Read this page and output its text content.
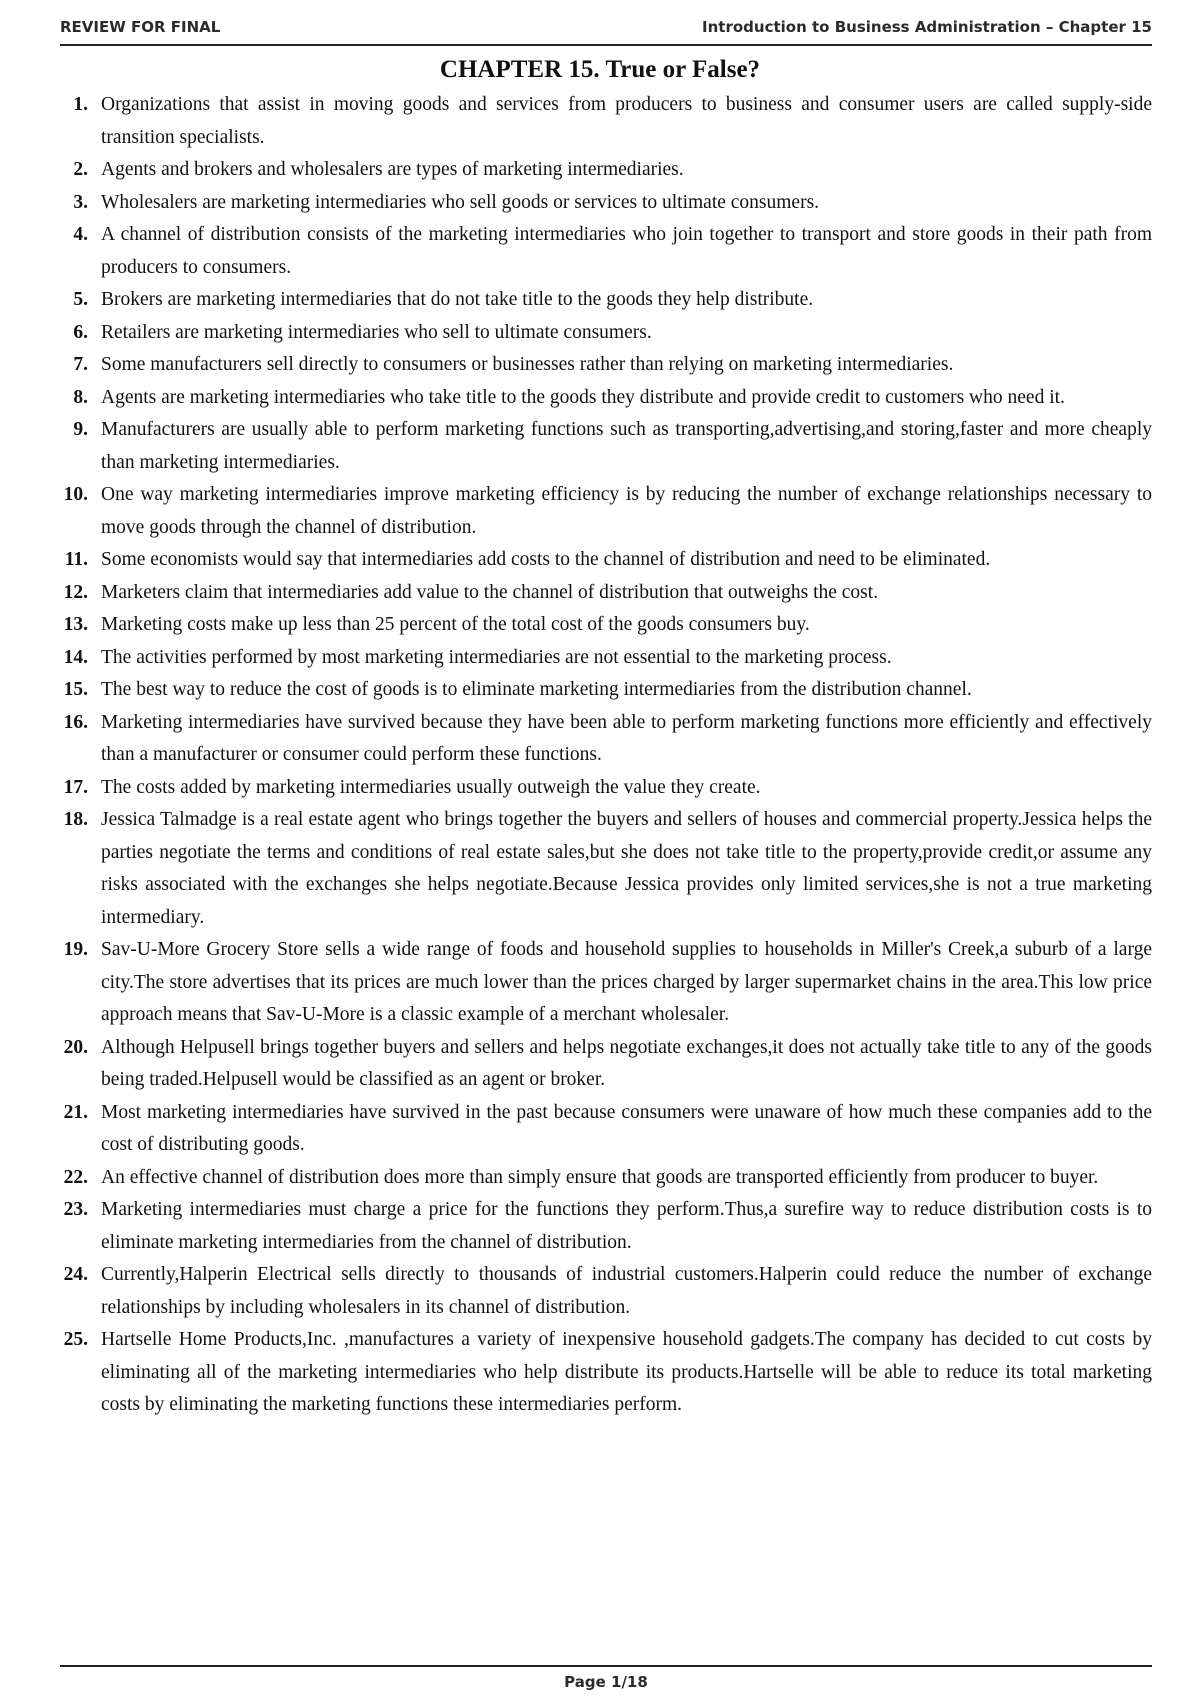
REVIEW FOR FINAL	Introduction to Business Administration – Chapter 15
CHAPTER 15. True or False?
1. Organizations that assist in moving goods and services from producers to business and consumer users are called supply-side transition specialists.
2. Agents and brokers and wholesalers are types of marketing intermediaries.
3. Wholesalers are marketing intermediaries who sell goods or services to ultimate consumers.
4. A channel of distribution consists of the marketing intermediaries who join together to transport and store goods in their path from producers to consumers.
5. Brokers are marketing intermediaries that do not take title to the goods they help distribute.
6. Retailers are marketing intermediaries who sell to ultimate consumers.
7. Some manufacturers sell directly to consumers or businesses rather than relying on marketing intermediaries.
8. Agents are marketing intermediaries who take title to the goods they distribute and provide credit to customers who need it.
9. Manufacturers are usually able to perform marketing functions such as transporting,advertising,and storing,faster and more cheaply than marketing intermediaries.
10. One way marketing intermediaries improve marketing efficiency is by reducing the number of exchange relationships necessary to move goods through the channel of distribution.
11. Some economists would say that intermediaries add costs to the channel of distribution and need to be eliminated.
12. Marketers claim that intermediaries add value to the channel of distribution that outweighs the cost.
13. Marketing costs make up less than 25 percent of the total cost of the goods consumers buy.
14. The activities performed by most marketing intermediaries are not essential to the marketing process.
15. The best way to reduce the cost of goods is to eliminate marketing intermediaries from the distribution channel.
16. Marketing intermediaries have survived because they have been able to perform marketing functions more efficiently and effectively than a manufacturer or consumer could perform these functions.
17. The costs added by marketing intermediaries usually outweigh the value they create.
18. Jessica Talmadge is a real estate agent who brings together the buyers and sellers of houses and commercial property.Jessica helps the parties negotiate the terms and conditions of real estate sales,but she does not take title to the property,provide credit,or assume any risks associated with the exchanges she helps negotiate.Because Jessica provides only limited services,she is not a true marketing intermediary.
19. Sav-U-More Grocery Store sells a wide range of foods and household supplies to households in Miller's Creek,a suburb of a large city.The store advertises that its prices are much lower than the prices charged by larger supermarket chains in the area.This low price approach means that Sav-U-More is a classic example of a merchant wholesaler.
20. Although Helpusell brings together buyers and sellers and helps negotiate exchanges,it does not actually take title to any of the goods being traded.Helpusell would be classified as an agent or broker.
21. Most marketing intermediaries have survived in the past because consumers were unaware of how much these companies add to the cost of distributing goods.
22. An effective channel of distribution does more than simply ensure that goods are transported efficiently from producer to buyer.
23. Marketing intermediaries must charge a price for the functions they perform.Thus,a surefire way to reduce distribution costs is to eliminate marketing intermediaries from the channel of distribution.
24. Currently,Halperin Electrical sells directly to thousands of industrial customers.Halperin could reduce the number of exchange relationships by including wholesalers in its channel of distribution.
25. Hartselle Home Products,Inc. ,manufactures a variety of inexpensive household gadgets.The company has decided to cut costs by eliminating all of the marketing intermediaries who help distribute its products.Hartselle will be able to reduce its total marketing costs by eliminating the marketing functions these intermediaries perform.
Page 1/18
